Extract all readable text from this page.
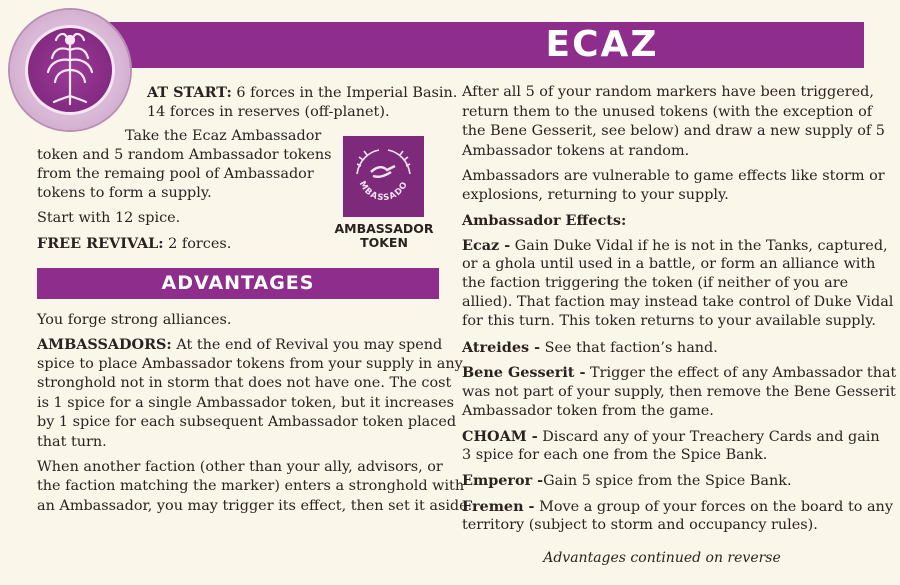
ECAZ

AT START: 6 forces in the Imperial Basin.

14 forces in reserves (off-planet).

Take the Ecaz Ambassador

token and 5 random Ambassador tokens

from the remaing pool of Ambassador

tokens to form a supply.

Start with 12 spice.

FREE REVIVAL: 2 forces.

MBASSADO
AMBASSADOR
TOKEN
ADVANTAGES

You forge strong alliances.

AMBASSADORS: At the end of Revival you may spend

spice to place Ambassador tokens from your supply in any

stronghold not in storm that does not have one. The cost

is 1 spice for a single Ambassador token, but it increases

by 1 spice for each subsequent Ambassador token placed

that turn.

When another faction (other than your ally, advisors, or

the faction matching the marker) enters a stronghold with

an Ambassador, you may trigger its effect, then set it aside.

After all 5 of your random markers have been triggered,

return them to the unused tokens (with the exception of

the Bene Gesserit, see below) and draw a new supply of 5

Ambassador tokens at random.

Ambassadors are vulnerable to game effects like storm or

explosions, returning to your supply.

Ambassador Effects:

Ecaz - Gain Duke Vidal if he is not in the Tanks, captured,

or a ghola until used in a battle, or form an alliance with

the faction triggering the token (if neither of you are

allied). That faction may instead take control of Duke Vidal

for this turn. This token returns to your available supply.

Atreides - See that faction’s hand.

Bene Gesserit - Trigger the effect of any Ambassador that

was not part of your supply, then remove the Bene Gesserit

Ambassador token from the game.

CHOAM - Discard any of your Treachery Cards and gain

3 spice for each one from the Spice Bank.

Emperor -Gain 5 spice from the Spice Bank.

Fremen - Move a group of your forces on the board to any

territory (subject to storm and occupancy rules).

Advantages continued on reverse
